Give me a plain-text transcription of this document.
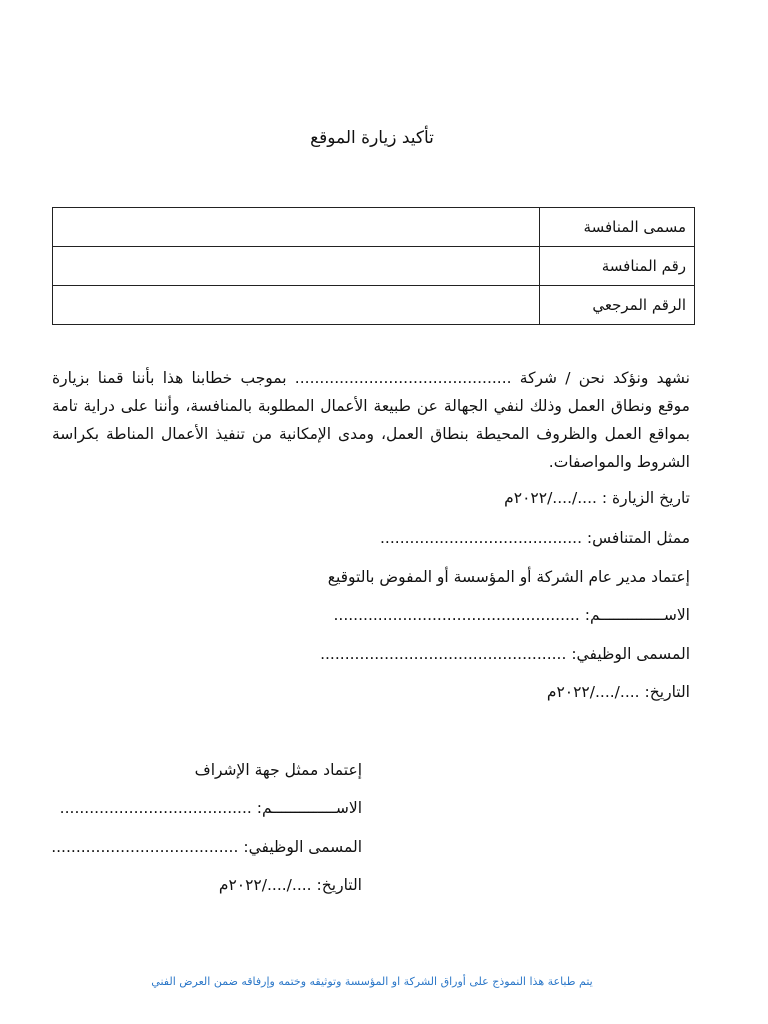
تأكيد زيارة الموقع
مسمى المنافسة	
رقم المنافسة	
الرقم المرجعي	
نشهد ونؤكد نحن / شركة ............................................ بموجب خطابنا هذا بأننا قمنا بزيارة موقع ونطاق العمل وذلك لنفي الجهالة عن طبيعة الأعمال المطلوبة بالمنافسة، وأننا على دراية تامة بمواقع العمل والظروف المحيطة بنطاق العمل، ومدى الإمكانية من تنفيذ الأعمال المناطة بكراسة الشروط والمواصفات.
تاريخ الزيارة : ..../..../٢٠٢٢م
ممثل المتنافس: .........................................
إعتماد مدير عام الشركة أو المؤسسة أو المفوض بالتوقيع
الاســــــــــــــم: ..................................................
المسمى الوظيفي: ..................................................
التاريخ: ..../..../٢٠٢٢م
إعتماد ممثل جهة الإشراف
الاســــــــــــــم: .......................................
المسمى الوظيفي: ......................................
التاريخ: ..../..../٢٠٢٢م
يتم طباعة هذا النموذج على أوراق الشركة او المؤسسة وتوثيقه وختمه وإرفاقه ضمن العرض الفني
